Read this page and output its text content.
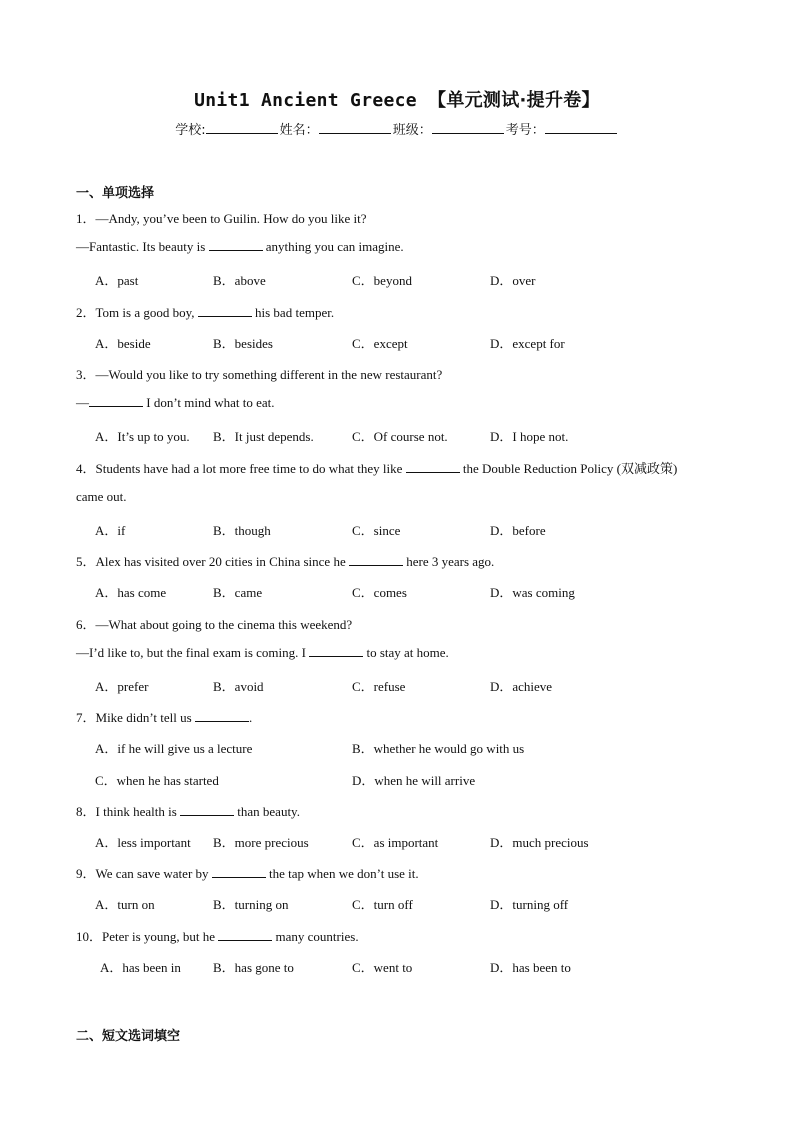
Unit1 Ancient Greece 【单元测试·提升卷】
学校:	姓名：	班级：	考号：
一、单项选择
1．—Andy, you’ve been to Guilin. How do you like it?
—Fantastic. Its beauty is	anything you can imagine.
A．past	B．above	C．beyond	D．over
2．Tom is a good boy,	his bad temper.
A．beside	B．besides	C．except	D．except for
3．—Would you like to try something different in the new restaurant?
—	I don’t mind what to eat.
A．It’s up to you. B．It just depends.	C．Of course not.	D．I hope not.
4．Students have had a lot more free time to do what they like	the Double Reduction Policy (双减政策)
came out.
A．if	B．though	C．since	D．before
5．Alex has visited over 20 cities in China since he	here 3 years ago.
A．has come	B．came	C．comes	D．was coming
6．—What about going to the cinema this weekend?
—I’d like to, but the final exam is coming. I	to stay at home.
A．prefer	B．avoid	C．refuse	D．achieve
7．Mike didn’t tell us	.
A．if he will give us a lecture	B．whether he would go with us
C．when he has started	D．when he will arrive
8．I think health is	than beauty.
A．less important B．more precious	C．as important	D．much precious
9．We can save water by	the tap when we don’t use it.
A．turn on	B．turning on	C．turn off	D．turning off
10．Peter is young, but he	many countries.
A．has been in B．has gone to	C．went to	D．has been to
二、短文选词填空
